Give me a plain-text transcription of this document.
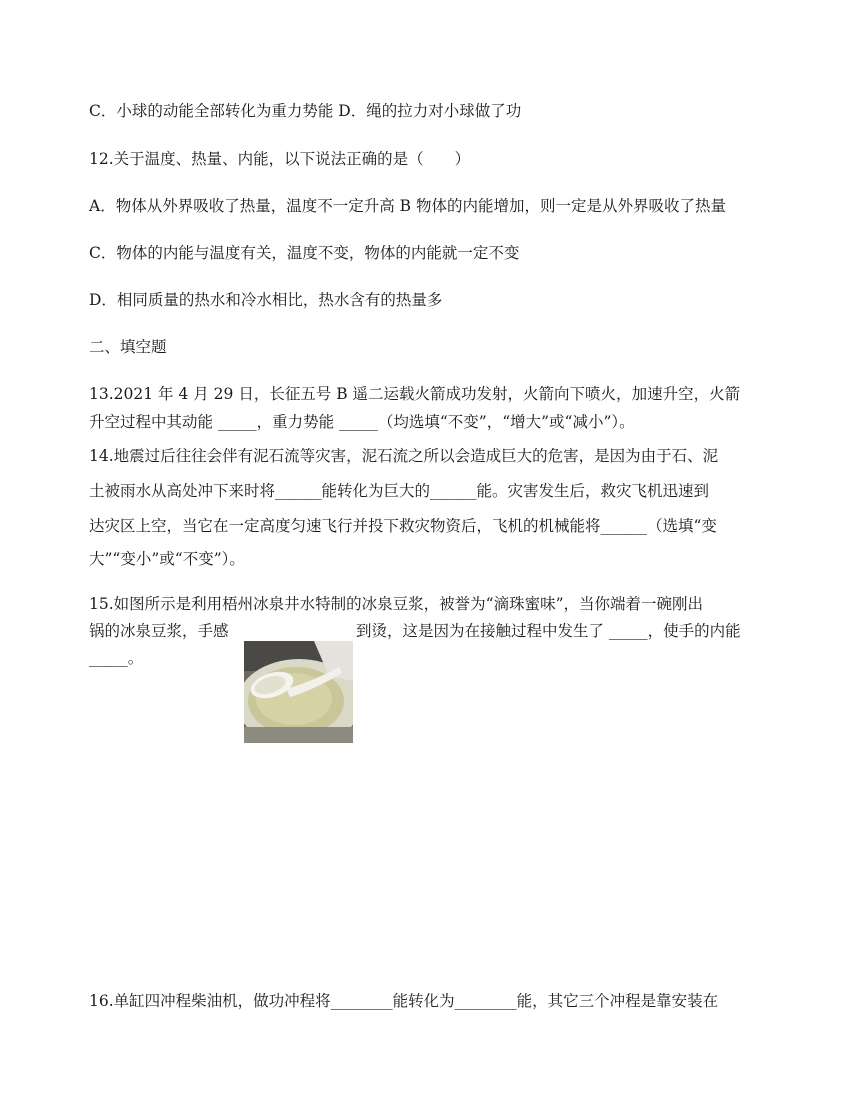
C．小球的动能全部转化为重力势能 D．绳的拉力对小球做了功
12.关于温度、热量、内能，以下说法正确的是（　　）
A．物体从外界吸收了热量，温度不一定升高 B 物体的内能增加，则一定是从外界吸收了热量
C．物体的内能与温度有关，温度不变，物体的内能就一定不变
D．相同质量的热水和冷水相比，热水含有的热量多
二、填空题
13.2021 年 4 月 29 日，长征五号 B 遥二运载火箭成功发射，火箭向下喷火，加速升空，火箭
升空过程中其动能 _____，重力势能 _____（均选填“不变”，“增大”或“减小”）。
14.地震过后往往会伴有泥石流等灾害，泥石流之所以会造成巨大的危害，是因为由于石、泥
土被雨水从高处冲下来时将______能转化为巨大的______能。灾害发生后，救灾飞机迅速到
达灾区上空，当它在一定高度匀速飞行并投下救灾物资后，飞机的机械能将______（选填“变
大”“变小”或“不变”）。
15.如图所示是利用梧州冰泉井水特制的冰泉豆浆，被誉为“滴珠蜜味”，当你端着一碗刚出
锅的冰泉豆浆，手感	到烫，这是因为在接触过程中发生了 _____，使手的内能
_____。
16.单缸四冲程柴油机，做功冲程将________能转化为________能，其它三个冲程是靠安装在
